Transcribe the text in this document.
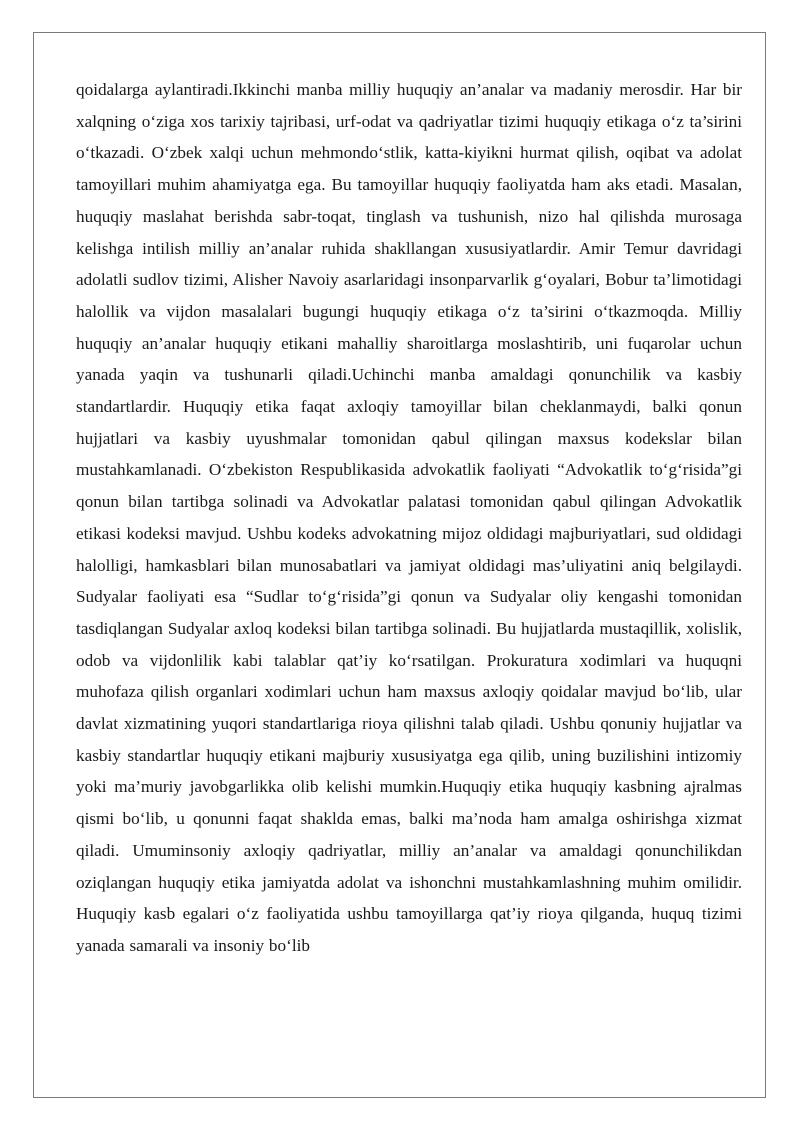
qoidalarga aylantiradi.Ikkinchi manba milliy huquqiy an’analar va madaniy merosdir. Har bir xalqning o‘ziga xos tarixiy tajribasi, urf-odat va qadriyatlar tizimi huquqiy etikaga o‘z ta’sirini o‘tkazadi. O‘zbek xalqi uchun mehmondo‘stlik, katta-kiyikni hurmat qilish, oqibat va adolat tamoyillari muhim ahamiyatga ega. Bu tamoyillar huquqiy faoliyatda ham aks etadi. Masalan, huquqiy maslahat berishda sabr-toqat, tinglash va tushunish, nizo hal qilishda murosaga kelishga intilish milliy an’analar ruhida shakllangan xususiyatlardir. Amir Temur davridagi adolatli sudlov tizimi, Alisher Navoiy asarlaridagi insonparvarlik g‘oyalari, Bobur ta’limotidagi halollik va vijdon masalalari bugungi huquqiy etikaga o‘z ta’sirini o‘tkazmoqda. Milliy huquqiy an’analar huquqiy etikani mahalliy sharoitlarga moslashtirib, uni fuqarolar uchun yanada yaqin va tushunarli qiladi.Uchinchi manba amaldagi qonunchilik va kasbiy standartlardir. Huquqiy etika faqat axloqiy tamoyillar bilan cheklanmaydi, balki qonun hujjatlari va kasbiy uyushmalar tomonidan qabul qilingan maxsus kodekslar bilan mustahkamlanadi. O‘zbekiston Respublikasida advokatlik faoliyati “Advokatlik to‘g‘risida”gi qonun bilan tartibga solinadi va Advokatlar palatasi tomonidan qabul qilingan Advokatlik etikasi kodeksi mavjud. Ushbu kodeks advokatning mijoz oldidagi majburiyatlari, sud oldidagi halolligi, hamkasblari bilan munosabatlari va jamiyat oldidagi mas’uliyatini aniq belgilaydi. Sudyalar faoliyati esa “Sudlar to‘g‘risida”gi qonun va Sudyalar oliy kengashi tomonidan tasdiqlangan Sudyalar axloq kodeksi bilan tartibga solinadi. Bu hujjatlarda mustaqillik, xolislik, odob va vijdonlilik kabi talablar qat’iy ko‘rsatilgan. Prokuratura xodimlari va huquqni muhofaza qilish organlari xodimlari uchun ham maxsus axloqiy qoidalar mavjud bo‘lib, ular davlat xizmatining yuqori standartlariga rioya qilishni talab qiladi. Ushbu qonuniy hujjatlar va kasbiy standartlar huquqiy etikani majburiy xususiyatga ega qilib, uning buzilishini intizomiy yoki ma’muriy javobgarlikka olib kelishi mumkin.Huquqiy etika huquqiy kasbning ajralmas qismi bo‘lib, u qonunni faqat shaklda emas, balki ma’noda ham amalga oshirishga xizmat qiladi. Umuminsoniy axloqiy qadriyatlar, milliy an’analar va amaldagi qonunchilikdan oziqlangan huquqiy etika jamiyatda adolat va ishonchni mustahkamlashning muhim omilidir. Huquqiy kasb egalari o‘z faoliyatida ushbu tamoyillarga qat’iy rioya qilganda, huquq tizimi yanada samarali va insoniy bo‘lib
